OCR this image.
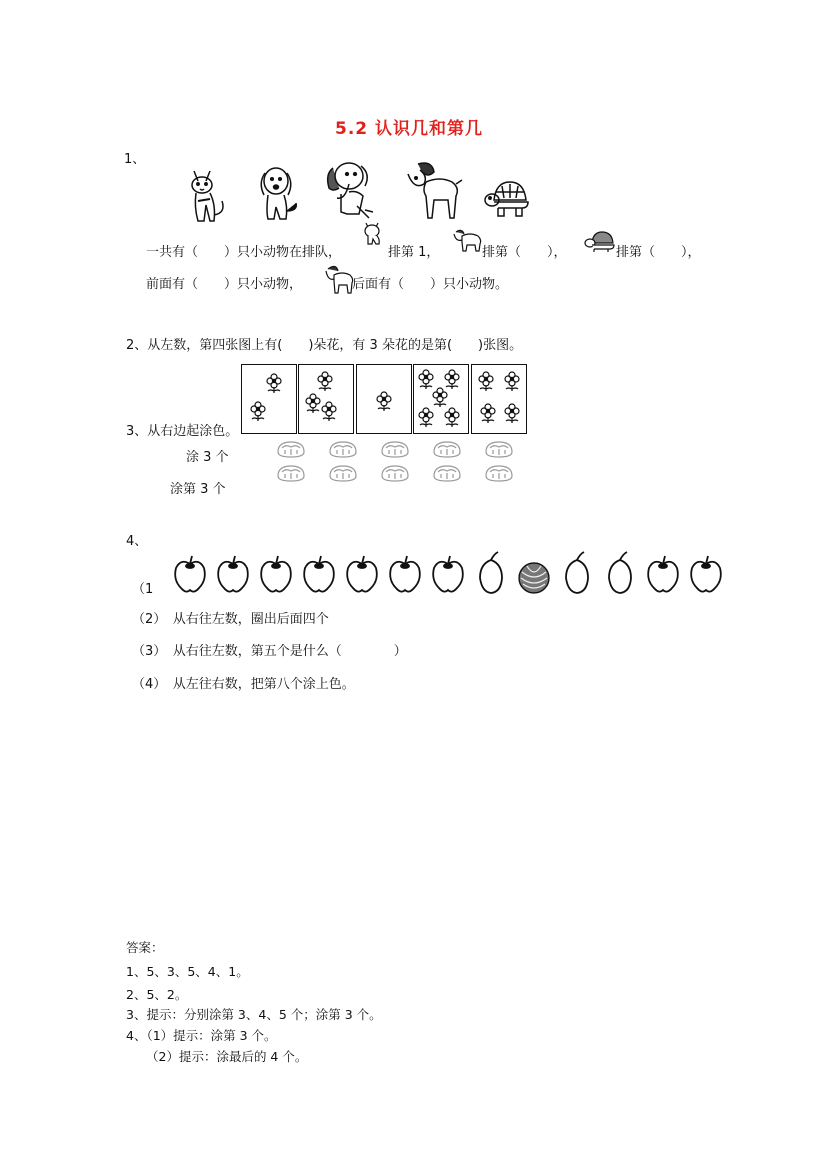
5.2 认识几和第几
1、
一共有（　　）只小动物在排队，	排第 1，	排第（　　），	排第（　　），
前面有（　　）只小动物，	后面有（　　）只小动物。
2、从左数，第四张图上有(　　)朵花，有 3 朵花的是第(　　)张图。
3、从右边起涂色。
涂 3 个
涂第 3 个
4、
（1
（2）　从右往左数，圈出后面四个
（3）　从右往左数，第五个是什么（　　　　）
（4）　从左往右数，把第八个涂上色。
答案：
1、5、3、5、4、1。
2、5、2。
3、提示：分别涂第 3、4、5 个；涂第 3 个。
4、（1）提示：涂第 3 个。
（2）提示：涂最后的 4 个。
